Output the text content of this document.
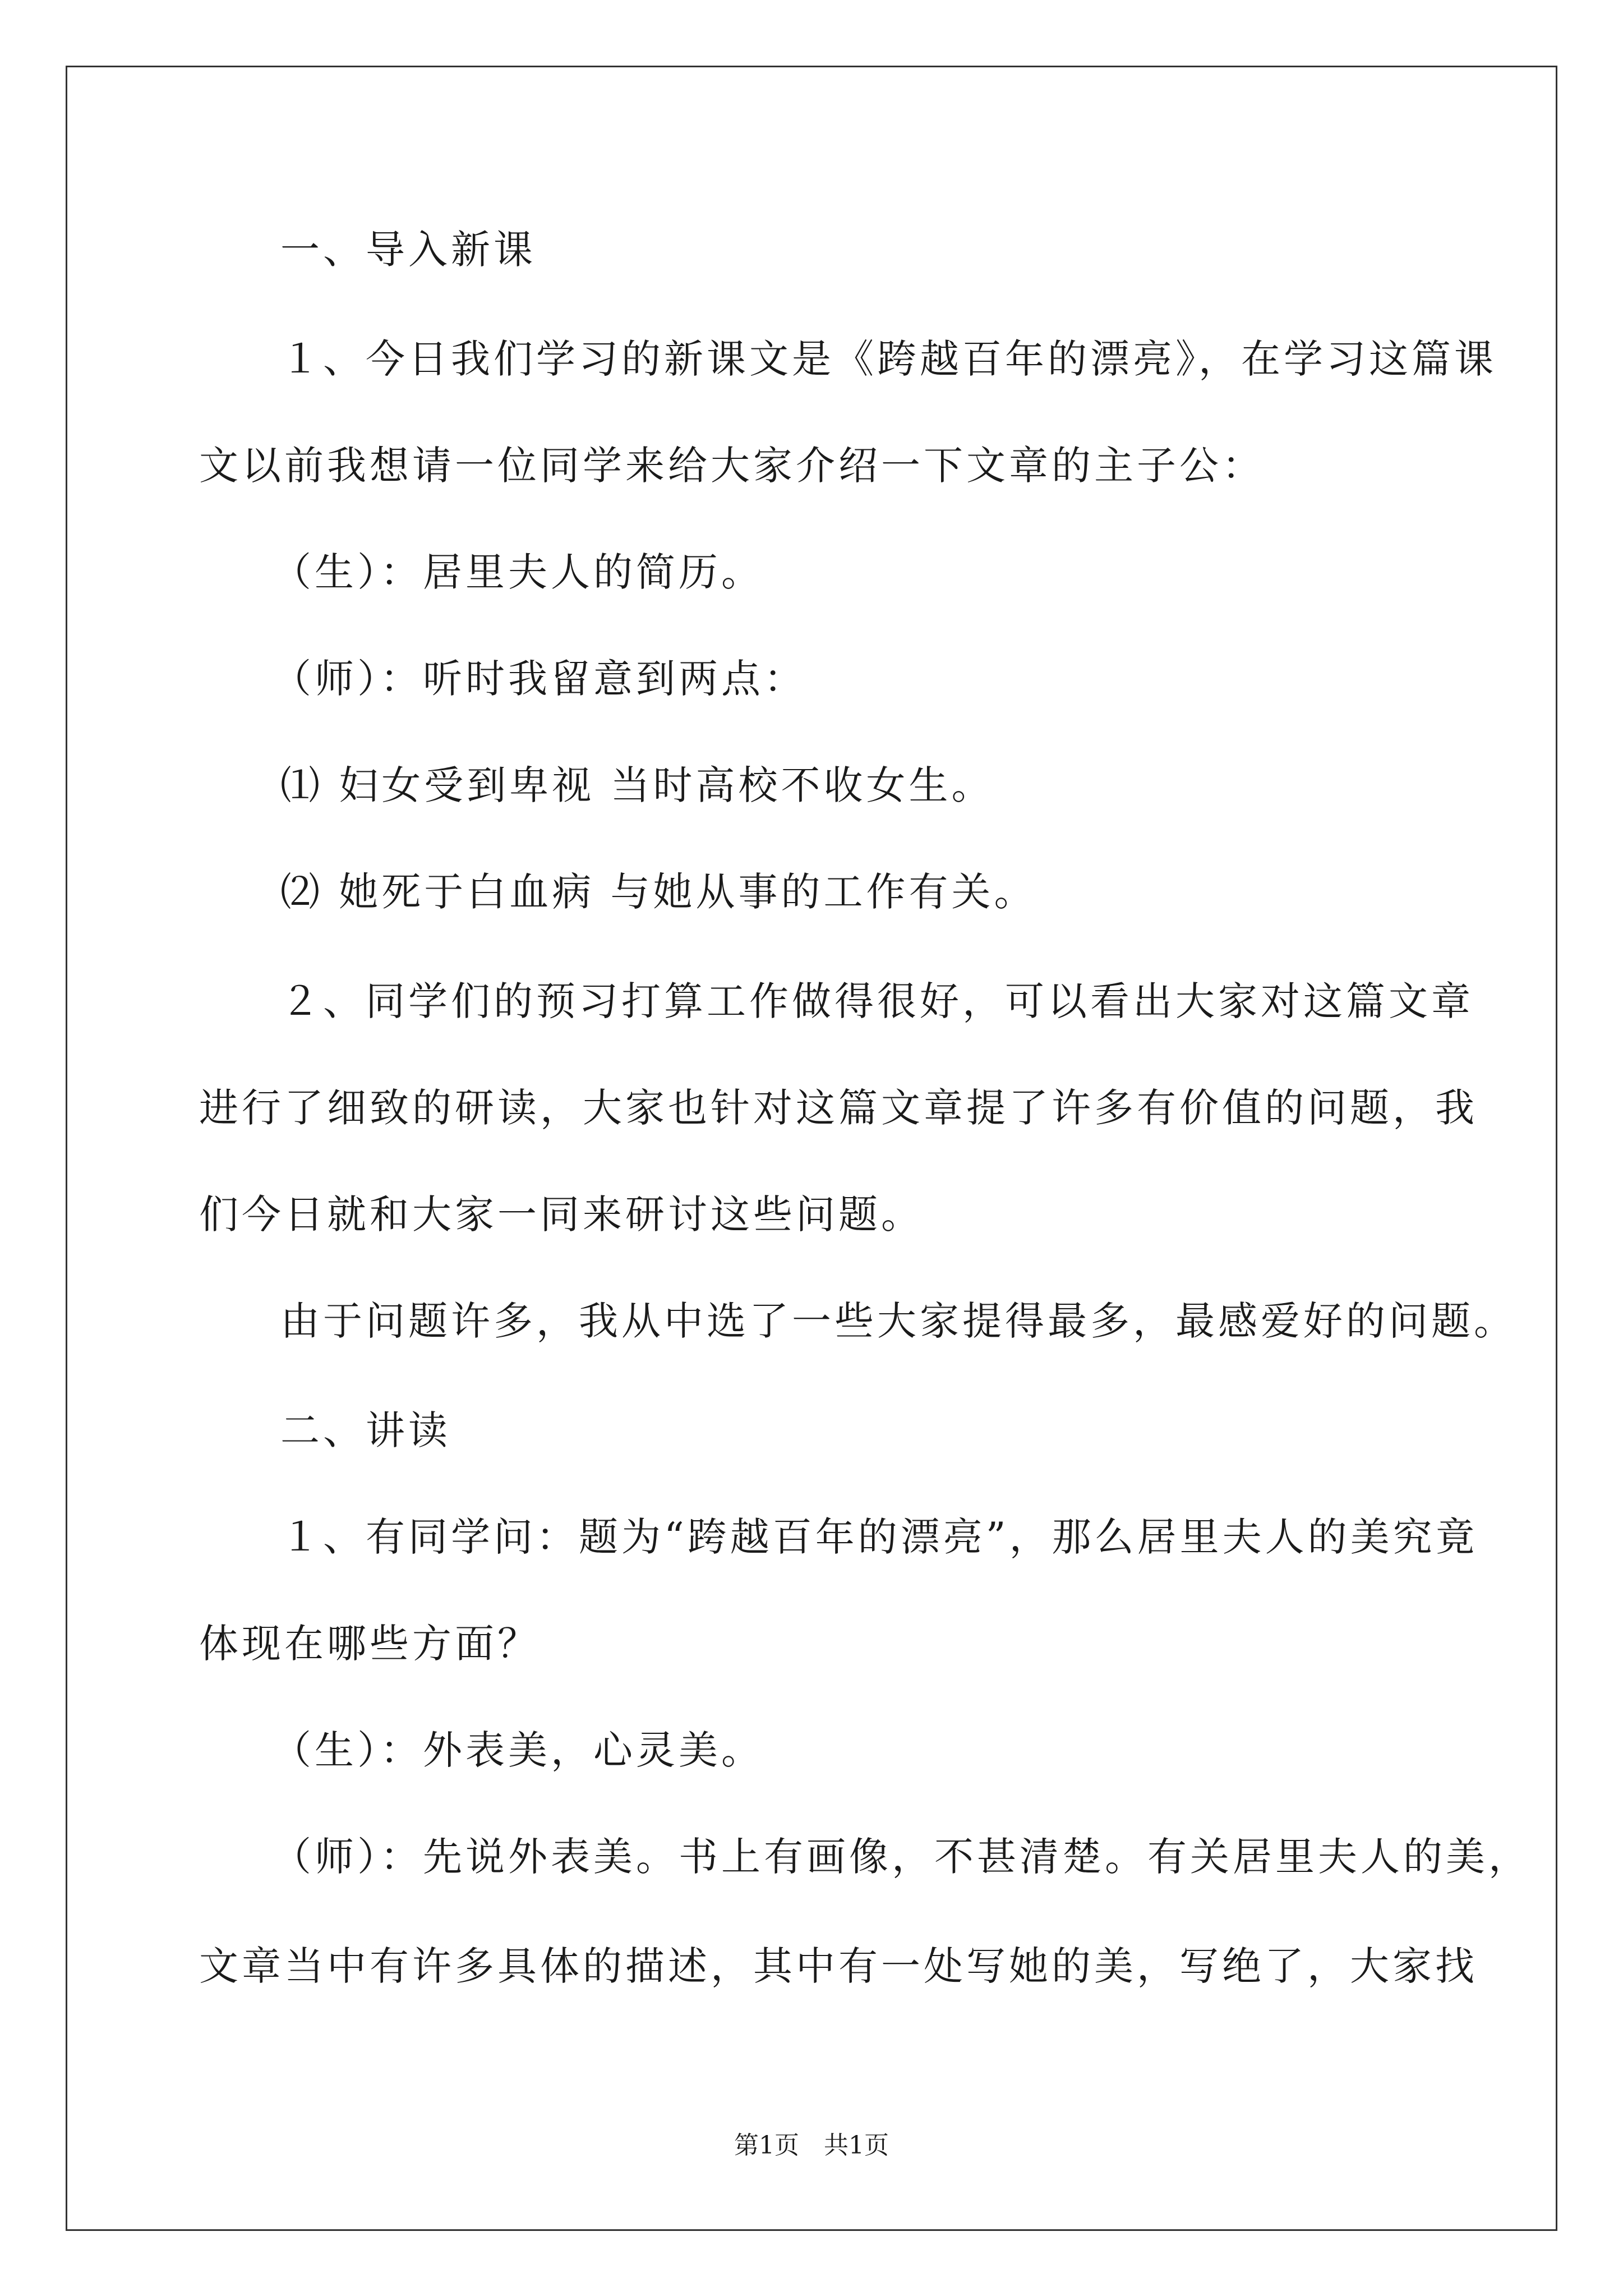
一、导入新课
１、今日我们学习的新课文是《跨越百年的漂亮》，在学习这篇课
文以前我想请一位同学来给大家介绍一下文章的主子公：
（生）：居里夫人的简历。
（师）：听时我留意到两点：
⑴ 妇女受到卑视 当时高校不收女生。
⑵ 她死于白血病 与她从事的工作有关。
２、同学们的预习打算工作做得很好，可以看出大家对这篇文章
进行了细致的研读，大家也针对这篇文章提了许多有价值的问题，我
们今日就和大家一同来研讨这些问题。
由于问题许多，我从中选了一些大家提得最多，最感爱好的问题。
二、讲读
１、有同学问：题为“跨越百年的漂亮”，那么居里夫人的美究竟
体现在哪些方面？
（生）：外表美，心灵美。
（师）：先说外表美。书上有画像，不甚清楚。有关居里夫人的美，
文章当中有许多具体的描述，其中有一处写她的美，写绝了，大家找
第1页　共1页
